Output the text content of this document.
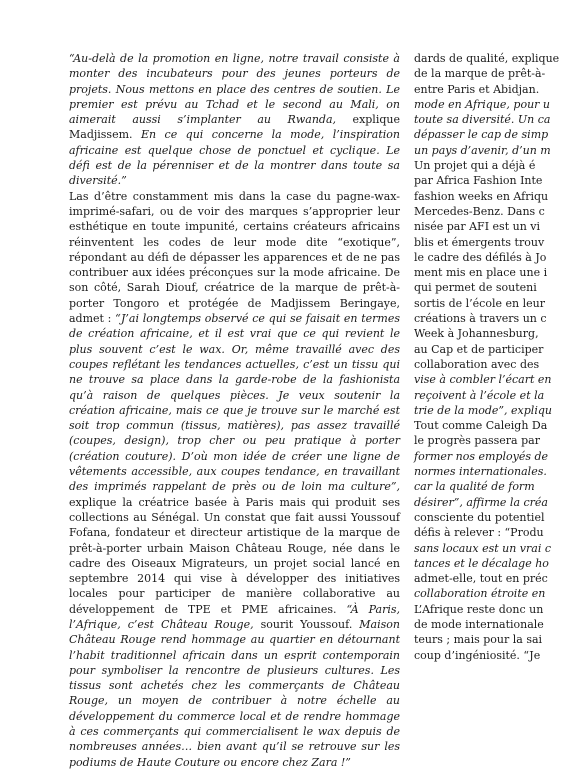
“Au-delà de la promotion en ligne, notre travail consiste à monter des incubateurs pour des jeunes porteurs de projets. Nous mettons en place des centres de soutien. Le premier est prévu au Tchad et le second au Mali, on aimerait aussi s’implanter au Rwanda, explique Madjissem. En ce qui concerne la mode, l’inspiration africaine est quelque chose de ponctuel et cyclique. Le défi est de la pérenniser et de la montrer dans toute sa diversité.”

Las d’être constamment mis dans la case du pagne-wax-imprimé-safari, ou de voir des marques s’approprier leur esthétique en toute impunité, certains créateurs africains réinventent les codes de leur mode dite “exotique”, répondant au défi de dépasser les apparences et de ne pas contribuer aux idées préconçues sur la mode africaine. De son côté, Sarah Diouf, créatrice de la marque de prêt-à-porter Tongoro et protégée de Madjissem Beringaye, admet : “J’ai longtemps observé ce qui se faisait en termes de création africaine, et il est vrai que ce qui revient le plus souvent c’est le wax. Or, même travaillé avec des coupes reflétant les tendances actuelles, c’est un tissu qui ne trouve sa place dans la garde-robe de la fashionista qu’à raison de quelques pièces. Je veux soutenir la création africaine, mais ce que je trouve sur le marché est soit trop commun (tissus, matières), pas assez travaillé (coupes, design), trop cher ou peu pratique à porter (création couture). D’où mon idée de créer une ligne de vêtements accessible, aux coupes tendance, en travaillant des imprimés rappelant de près ou de loin ma culture”, explique la créatrice basée à Paris mais qui produit ses collections au Sénégal. Un constat que fait aussi Youssouf Fofana, fondateur et directeur artistique de la marque de prêt-à-porter urbain Maison Château Rouge, née dans le cadre des Oiseaux Migrateurs, un projet social lancé en septembre 2014 qui vise à développer des initiatives locales pour participer de manière collaborative au développement de TPE et PME africaines. “À Paris, l’Afrique, c’est Château Rouge, sourit Youssouf. Maison Château Rouge rend hommage au quartier en détournant l’habit traditionnel africain dans un esprit contemporain pour symboliser la rencontre de plusieurs cultures. Les tissus sont achetés chez les commerçants de Château Rouge, un moyen de contribuer à notre échelle au développement du commerce local et de rendre hommage à ces commerçants qui commercialisent le wax depuis de nombreuses années… bien avant qu’il se retrouve sur les podiums de Haute Couture ou encore chez Zara !”

dards de qualité, explique
de la marque de prêt-à-
entre Paris et Abidjan.
mode en Afrique, pour u
toute sa diversité. Un ca
dépasser le cap de simp
un pays d’avenir, d’un m
Un projet qui a déjà é
par Africa Fashion Inte
fashion weeks en Afriqu
Mercedes-Benz. Dans c
nisée par AFI est un vi
blis et émergents trouv
le cadre des défilés à Jo
ment mis en place une i
qui permet de souteni
sortis de l’école en leur
créations à travers un c
Week à Johannesburg,
au Cap et de participer
collaboration avec des
vise à combler l’écart en
reçoivent à l’école et la
trie de la mode”, expliqu
Tout comme Caleigh Da
le progrès passera par
former nos employés de
normes internationales.
car la qualité de form
désirer”, affirme la créa
consciente du potentiel
défis à relever : “Produ
sans locaux est un vrai c
tances et le décalage ho
admet-elle, tout en préc
collaboration étroite en
L’Afrique reste donc un
de mode internationale
teurs ; mais pour la sai
coup d’ingéniosité. “Je
